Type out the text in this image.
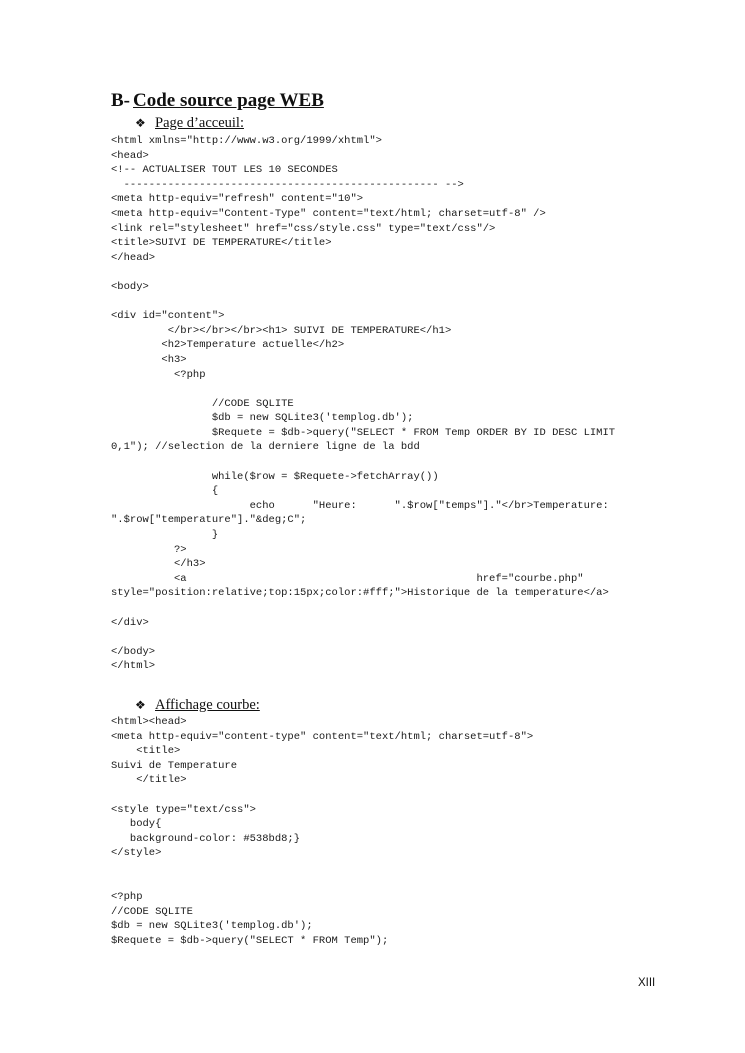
B- Code source page WEB
❖ Page d’acceuil:
<html xmlns="http://www.w3.org/1999/xhtml">
<head>
<!-- ACTUALISER TOUT LES 10 SECONDES
-------------------------------------------------- -->
<meta http-equiv="refresh" content="10">
<meta http-equiv="Content-Type" content="text/html; charset=utf-8" />
<link rel="stylesheet" href="css/style.css" type="text/css"/>
<title>SUIVI DE TEMPERATURE</title>
</head>

<body>

<div id="content">
</br></br></br><h1> SUIVI DE TEMPERATURE</h1>
<h2>Temperature actuelle</h2>
<h3>
<?php

//CODE SQLITE
$db = new SQLite3('templog.db');
$Requete = $db->query("SELECT * FROM Temp ORDER BY ID DESC LIMIT
0,1"); //selection de la derniere ligne de la bdd

while($row = $Requete->fetchArray())
{
echo      "Heure:      ".$row["temps"]."</br>Temperature:
".$row["temperature"]."&deg;C";
}
?>
</h3>
<a                                              href="courbe.php"
style="position:relative;top:15px;color:#fff;">Historique de la temperature</a>

</div>

</body>
</html>
❖ Affichage courbe:
<html><head>
<meta http-equiv="content-type" content="text/html; charset=utf-8">
<title>
Suivi de Temperature
</title>

<style type="text/css">
body{
background-color: #538bd8;}
</style>

<?php
//CODE SQLITE
$db = new SQLite3('templog.db');
$Requete = $db->query("SELECT * FROM Temp");
XIII
